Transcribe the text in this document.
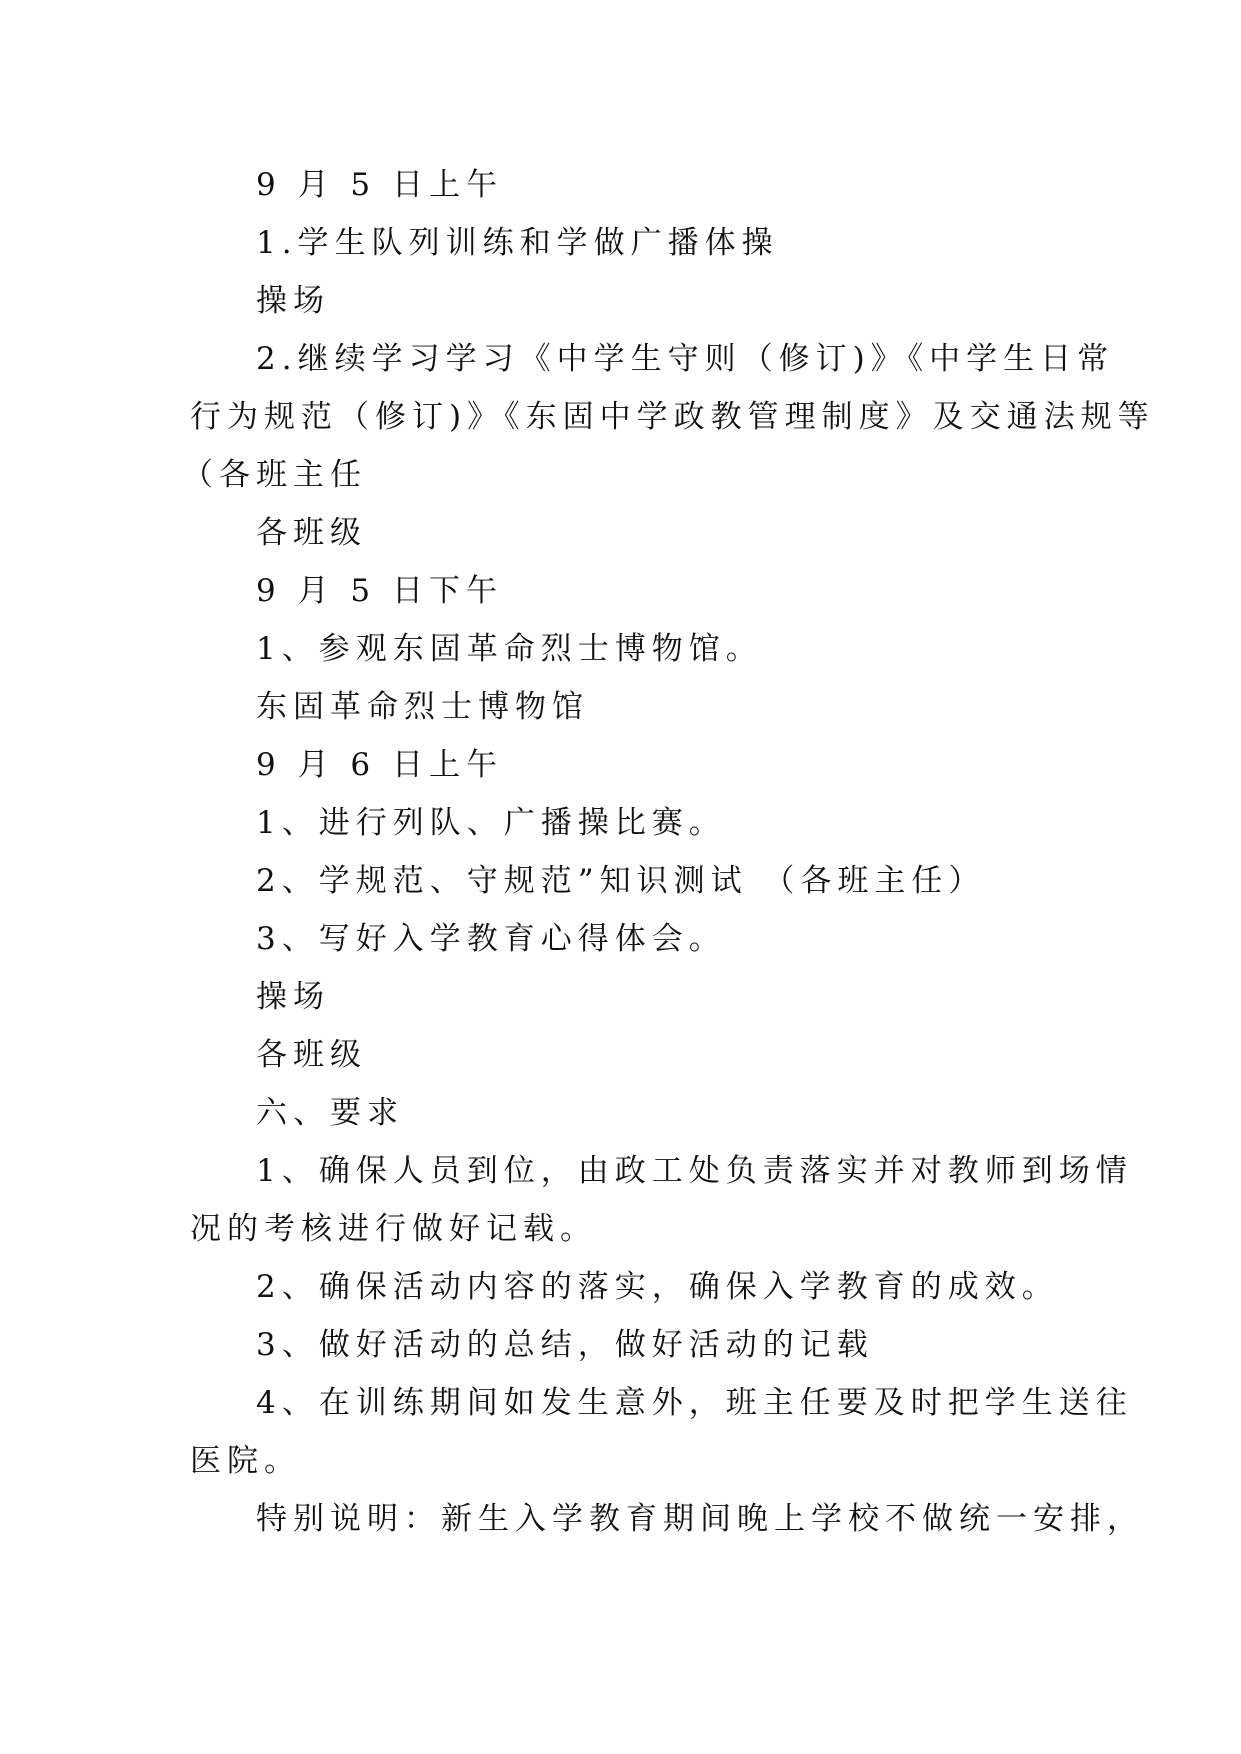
9 月 5 日上午
1.学生队列训练和学做广播体操
操场
2.继续学习学习《中学生守则（修订)》《中学生日常
行为规范（修订)》《东固中学政教管理制度》及交通法规等
（各班主任
各班级
9 月 5 日下午
1、参观东固革命烈士博物馆。
东固革命烈士博物馆
9 月 6 日上午
1、进行列队、广播操比赛。
2、学规范、守规范”知识测试 （各班主任）
3、写好入学教育心得体会。
操场
各班级
六、要求
1、确保人员到位，由政工处负责落实并对教师到场情
况的考核进行做好记载。
2、确保活动内容的落实，确保入学教育的成效。
3、做好活动的总结，做好活动的记载
4、在训练期间如发生意外，班主任要及时把学生送往
医院。
特别说明：新生入学教育期间晚上学校不做统一安排，
